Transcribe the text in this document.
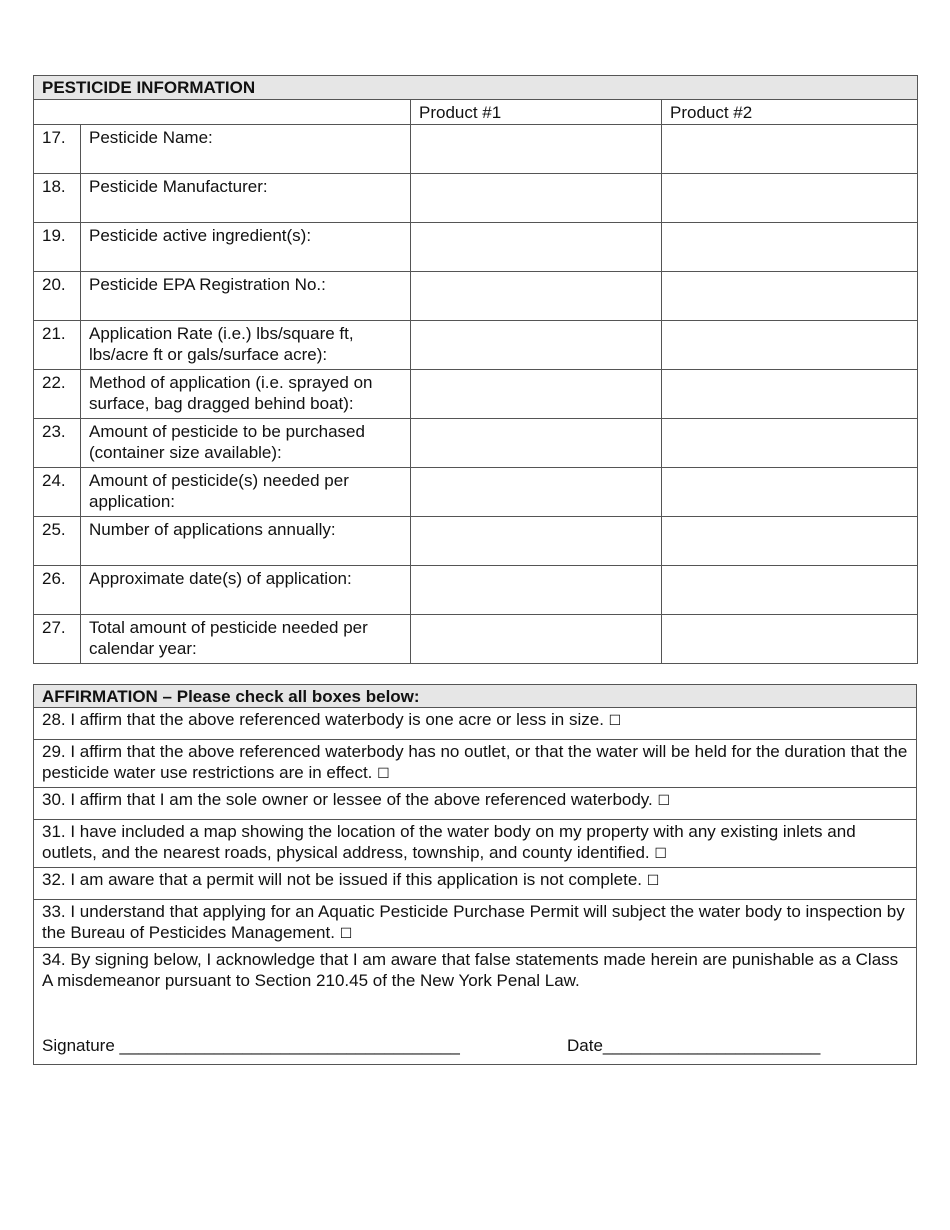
PESTICIDE INFORMATION			
		Product #1	Product #2
17.	Pesticide Name:		
18.	Pesticide Manufacturer:		
19.	Pesticide active ingredient(s):		
20.	Pesticide EPA Registration No.:		
21.	Application Rate (i.e.) lbs/square ft, lbs/acre ft or gals/surface acre):		
22.	Method of application (i.e. sprayed on surface, bag dragged behind boat):		
23.	Amount of pesticide to be purchased (container size available):		
24.	Amount of pesticide(s) needed per application:		
25.	Number of applications annually:		
26.	Approximate date(s) of application:		
27.	Total amount of pesticide needed per calendar year:		
AFFIRMATION – Please check all boxes below:
28. I affirm that the above referenced waterbody is one acre or less in size. ☐
29. I affirm that the above referenced waterbody has no outlet, or that the water will be held for the duration that the pesticide water use restrictions are in effect. ☐
30. I affirm that I am the sole owner or lessee of the above referenced waterbody. ☐
31. I have included a map showing the location of the water body on my property with any existing inlets and outlets, and the nearest roads, physical address, township, and county identified. ☐
32. I am aware that a permit will not be issued if this application is not complete. ☐
33. I understand that applying for an Aquatic Pesticide Purchase Permit will subject the water body to inspection by the Bureau of Pesticides Management. ☐

34. By signing below, I acknowledge that I am aware that false statements made herein are punishable as a Class A misdemeanor pursuant to Section 210.45 of the New York Penal Law.
Signature ____________________________________	Date_______________________
